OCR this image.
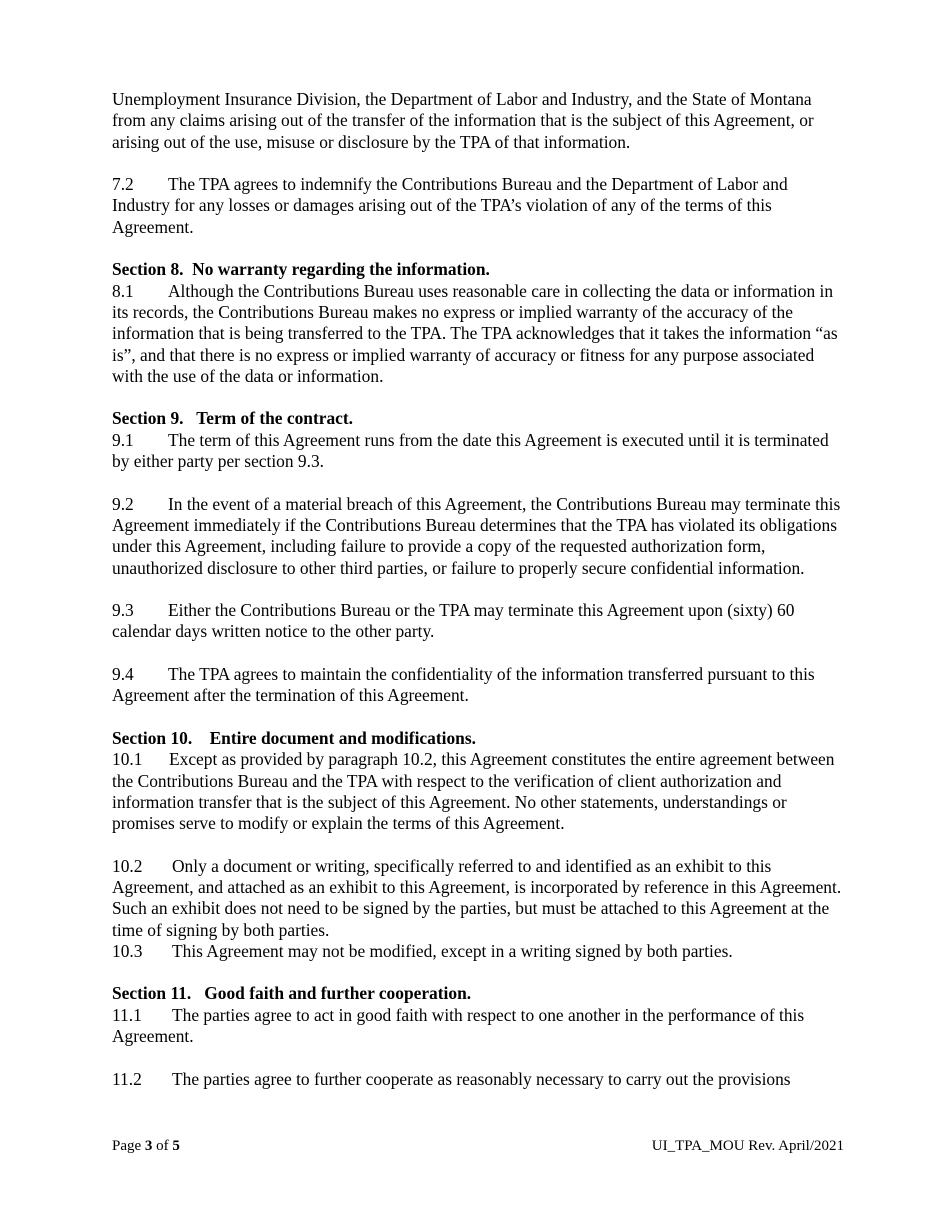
Unemployment Insurance Division, the Department of Labor and Industry, and the State of Montana from any claims arising out of the transfer of the information that is the subject of this Agreement, or arising out of the use, misuse or disclosure by the TPA of that information.

7.2 The TPA agrees to indemnify the Contributions Bureau and the Department of Labor and Industry for any losses or damages arising out of the TPA’s violation of any of the terms of this Agreement.

Section 8.  No warranty regarding the information.

8.1 Although the Contributions Bureau uses reasonable care in collecting the data or information in its records, the Contributions Bureau makes no express or implied warranty of the accuracy of the information that is being transferred to the TPA. The TPA acknowledges that it takes the information “as is”, and that there is no express or implied warranty of accuracy or fitness for any purpose associated with the use of the data or information.

Section 9.   Term of the contract.

9.1 The term of this Agreement runs from the date this Agreement is executed until it is terminated by either party per section 9.3.

9.2 In the event of a material breach of this Agreement, the Contributions Bureau may terminate this Agreement immediately if the Contributions Bureau determines that the TPA has violated its obligations under this Agreement, including failure to provide a copy of the requested authorization form, unauthorized disclosure to other third parties, or failure to properly secure confidential information.

9.3 Either the Contributions Bureau or the TPA may terminate this Agreement upon (sixty) 60 calendar days written notice to the other party.

9.4 The TPA agrees to maintain the confidentiality of the information transferred pursuant to this Agreement after the termination of this Agreement.

Section 10.    Entire document and modifications.

10.1 Except as provided by paragraph 10.2, this Agreement constitutes the entire agreement between the Contributions Bureau and the TPA with respect to the verification of client authorization and information transfer that is the subject of this Agreement. No other statements, understandings or promises serve to modify or explain the terms of this Agreement.

10.2 Only a document or writing, specifically referred to and identified as an exhibit to this Agreement, and attached as an exhibit to this Agreement, is incorporated by reference in this Agreement. Such an exhibit does not need to be signed by the parties, but must be attached to this Agreement at the time of signing by both parties.

10.3 This Agreement may not be modified, except in a writing signed by both parties.

Section 11.   Good faith and further cooperation.

11.1 The parties agree to act in good faith with respect to one another in the performance of this Agreement.

11.2 The parties agree to further cooperate as reasonably necessary to carry out the provisions

Page 3 of 5	UI_TPA_MOU Rev. April/2021
